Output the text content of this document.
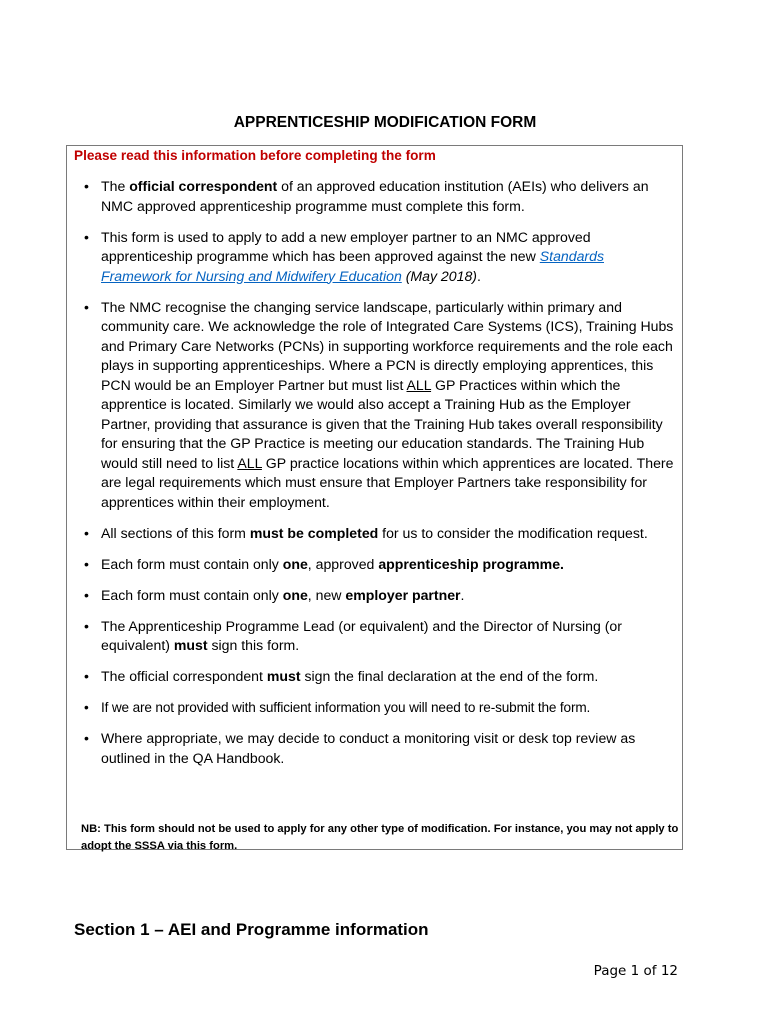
APPRENTICESHIP MODIFICATION FORM
Please read this information before completing the form
• The official correspondent of an approved education institution (AEIs) who delivers an NMC approved apprenticeship programme must complete this form.
• This form is used to apply to add a new employer partner to an NMC approved apprenticeship programme which has been approved against the new Standards Framework for Nursing and Midwifery Education (May 2018).
• The NMC recognise the changing service landscape, particularly within primary and community care. We acknowledge the role of Integrated Care Systems (ICS), Training Hubs and Primary Care Networks (PCNs) in supporting workforce requirements and the role each plays in supporting apprenticeships. Where a PCN is directly employing apprentices, this PCN would be an Employer Partner but must list ALL GP Practices within which the apprentice is located. Similarly we would also accept a Training Hub as the Employer Partner, providing that assurance is given that the Training Hub takes overall responsibility for ensuring that the GP Practice is meeting our education standards. The Training Hub would still need to list ALL GP practice locations within which apprentices are located. There are legal requirements which must ensure that Employer Partners take responsibility for apprentices within their employment.
• All sections of this form must be completed for us to consider the modification request.
• Each form must contain only one, approved apprenticeship programme.
• Each form must contain only one, new employer partner.
• The Apprenticeship Programme Lead (or equivalent) and the Director of Nursing (or equivalent) must sign this form.
• The official correspondent must sign the final declaration at the end of the form.
• If we are not provided with sufficient information you will need to re-submit the form.
• Where appropriate, we may decide to conduct a monitoring visit or desk top review as outlined in the QA Handbook.
NB: This form should not be used to apply for any other type of modification. For instance, you may not apply to adopt the SSSA via this form.
Section 1 – AEI and Programme information
Page 1 of 12
